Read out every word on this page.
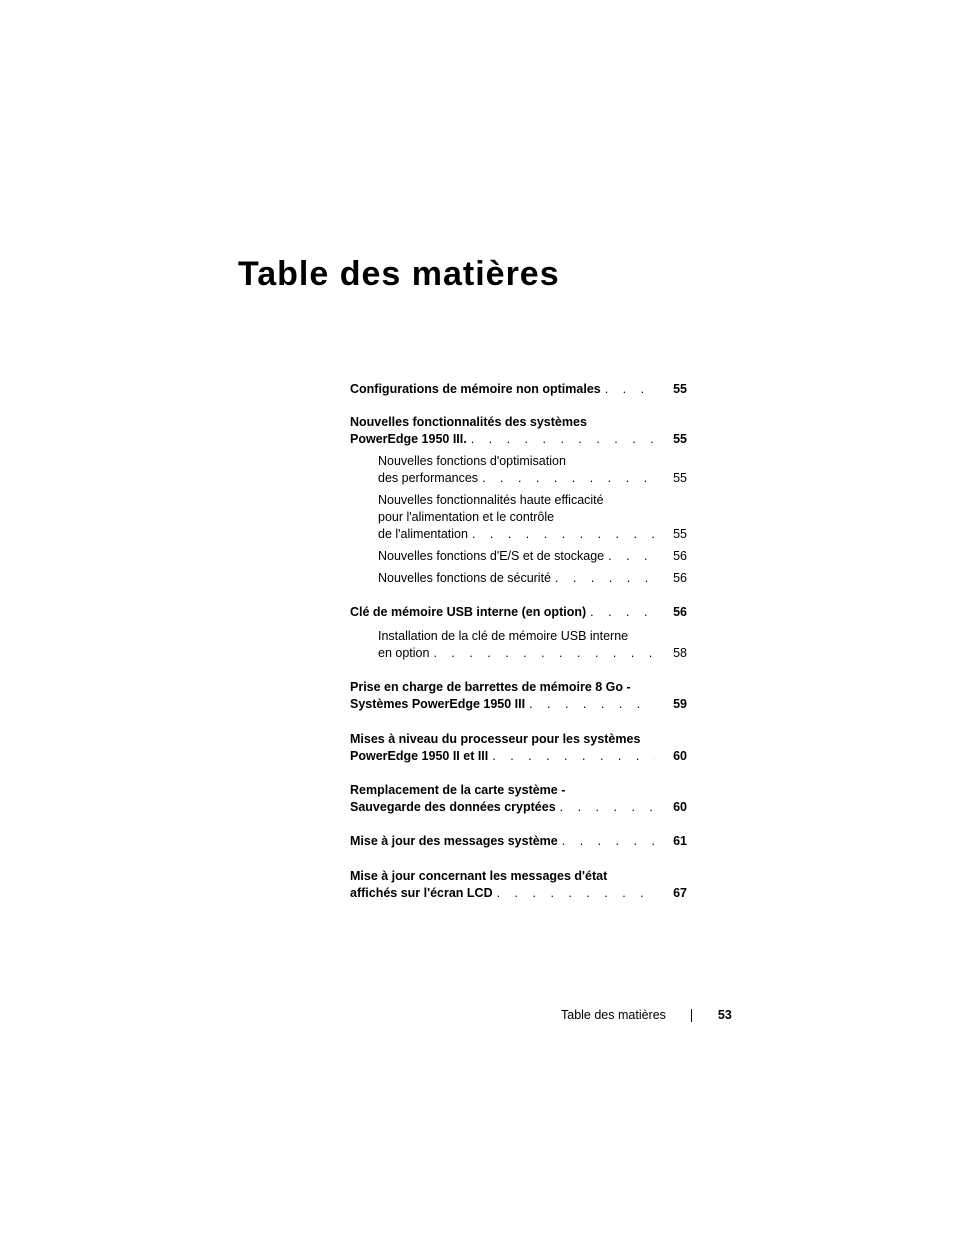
Table des matières
Configurations de mémoire non optimales . . .	55
Nouvelles fonctionnalités des systèmes
PowerEdge 1950 III. . . .	55
Nouvelles fonctions d'optimisation
des performances . . .	55
Nouvelles fonctionnalités haute efficacité
pour l'alimentation et le contrôle
de l'alimentation . . .	55
Nouvelles fonctions d'E/S et de stockage . . .	56
Nouvelles fonctions de sécurité . . .	56
Clé de mémoire USB interne (en option) . . .	56
Installation de la clé de mémoire USB interne
en option . . .	58
Prise en charge de barrettes de mémoire 8 Go -
Systèmes PowerEdge 1950 III . . .	59
Mises à niveau du processeur pour les systèmes
PowerEdge 1950 II et III . . .	60
Remplacement de la carte système -
Sauvegarde des données cryptées . . .	60
Mise à jour des messages système . . .	61
Mise à jour concernant les messages d'état
affichés sur l'écran LCD . . .	67
Table des matières	53
